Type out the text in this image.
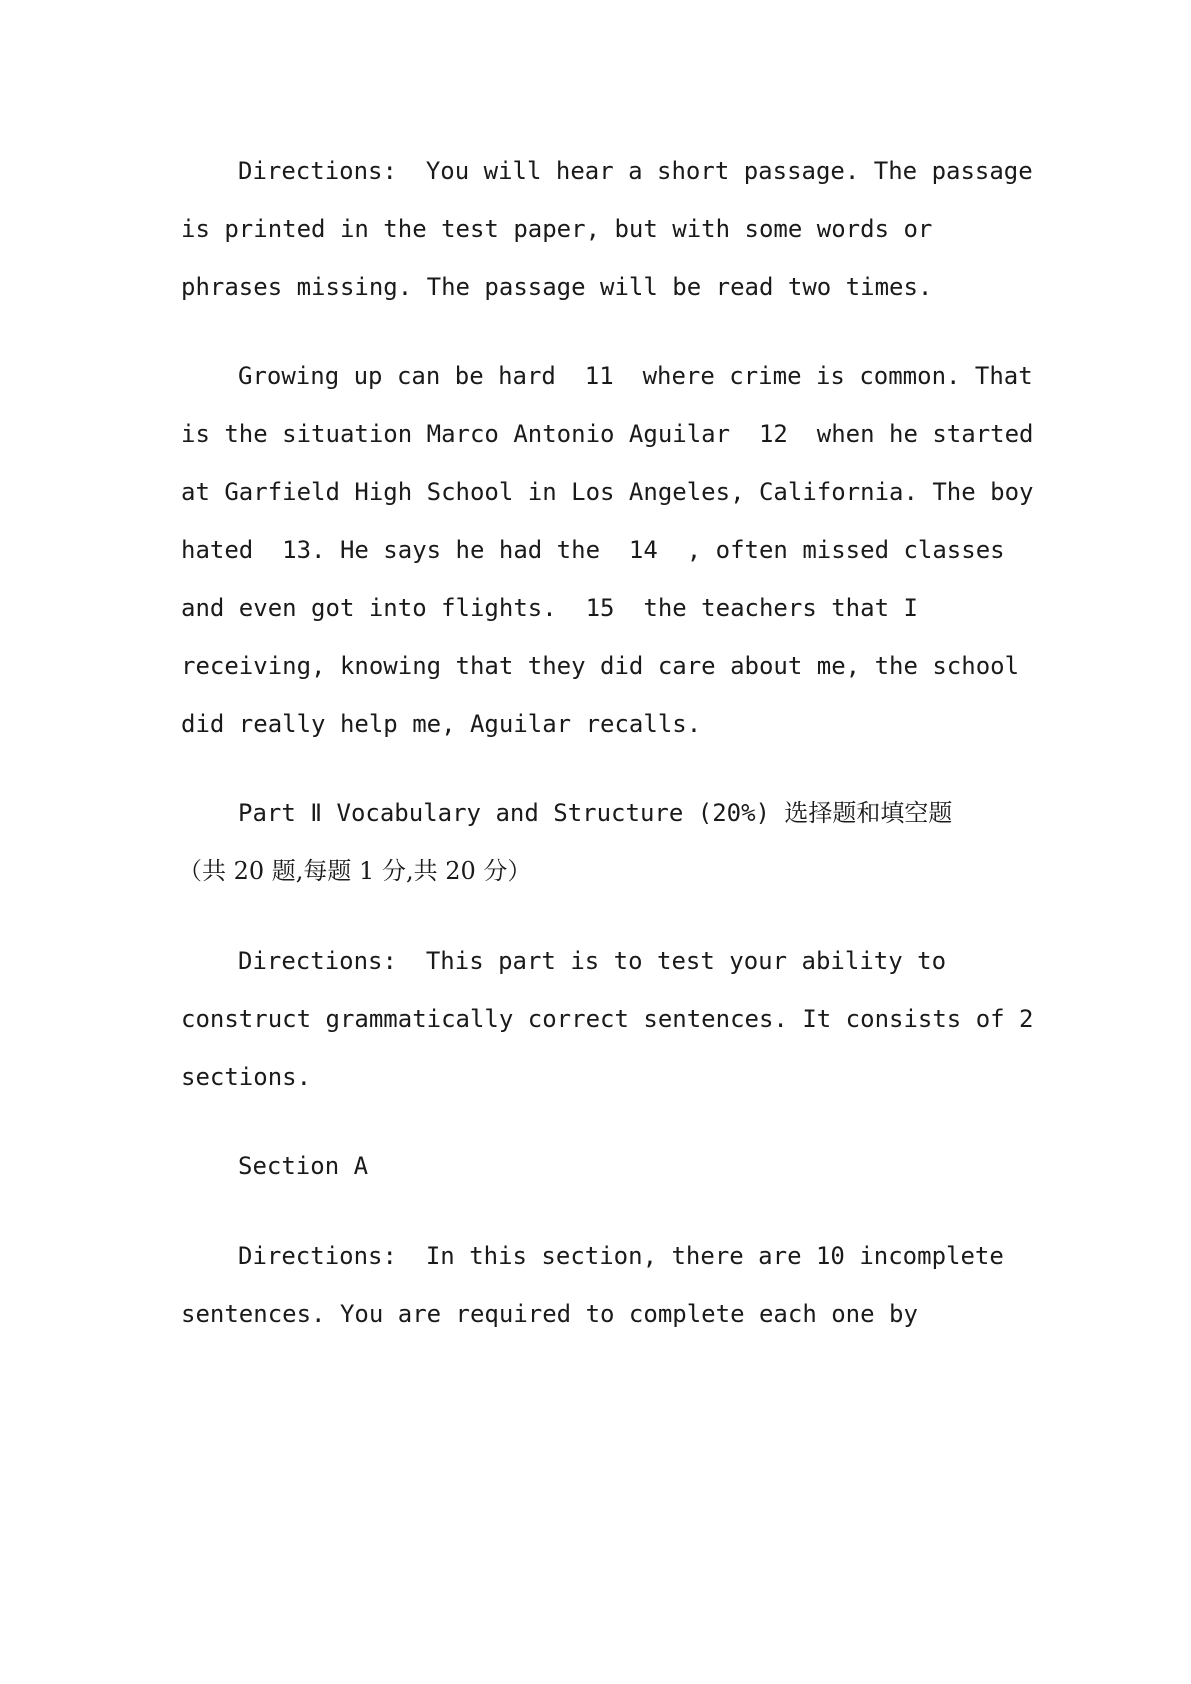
Directions:  You will hear a short passage. The passage
is printed in the test paper, but with some words or
phrases missing. The passage will be read two times.
Growing up can be hard  11  where crime is common. That
is the situation Marco Antonio Aguilar  12  when he started
at Garfield High School in Los Angeles, California. The boy
hated  13. He says he had the  14  , often missed classes
and even got into flights.  15  the teachers that I
receiving, knowing that they did care about me, the school
did really help me, Aguilar recalls.
Part Ⅱ Vocabulary and Structure (20%) 选择题和填空题
（共 20 题,每题 1 分,共 20 分）
Directions:  This part is to test your ability to
construct grammatically correct sentences. It consists of 2
sections.
Section A
Directions:  In this section, there are 10 incomplete
sentences. You are required to complete each one by
